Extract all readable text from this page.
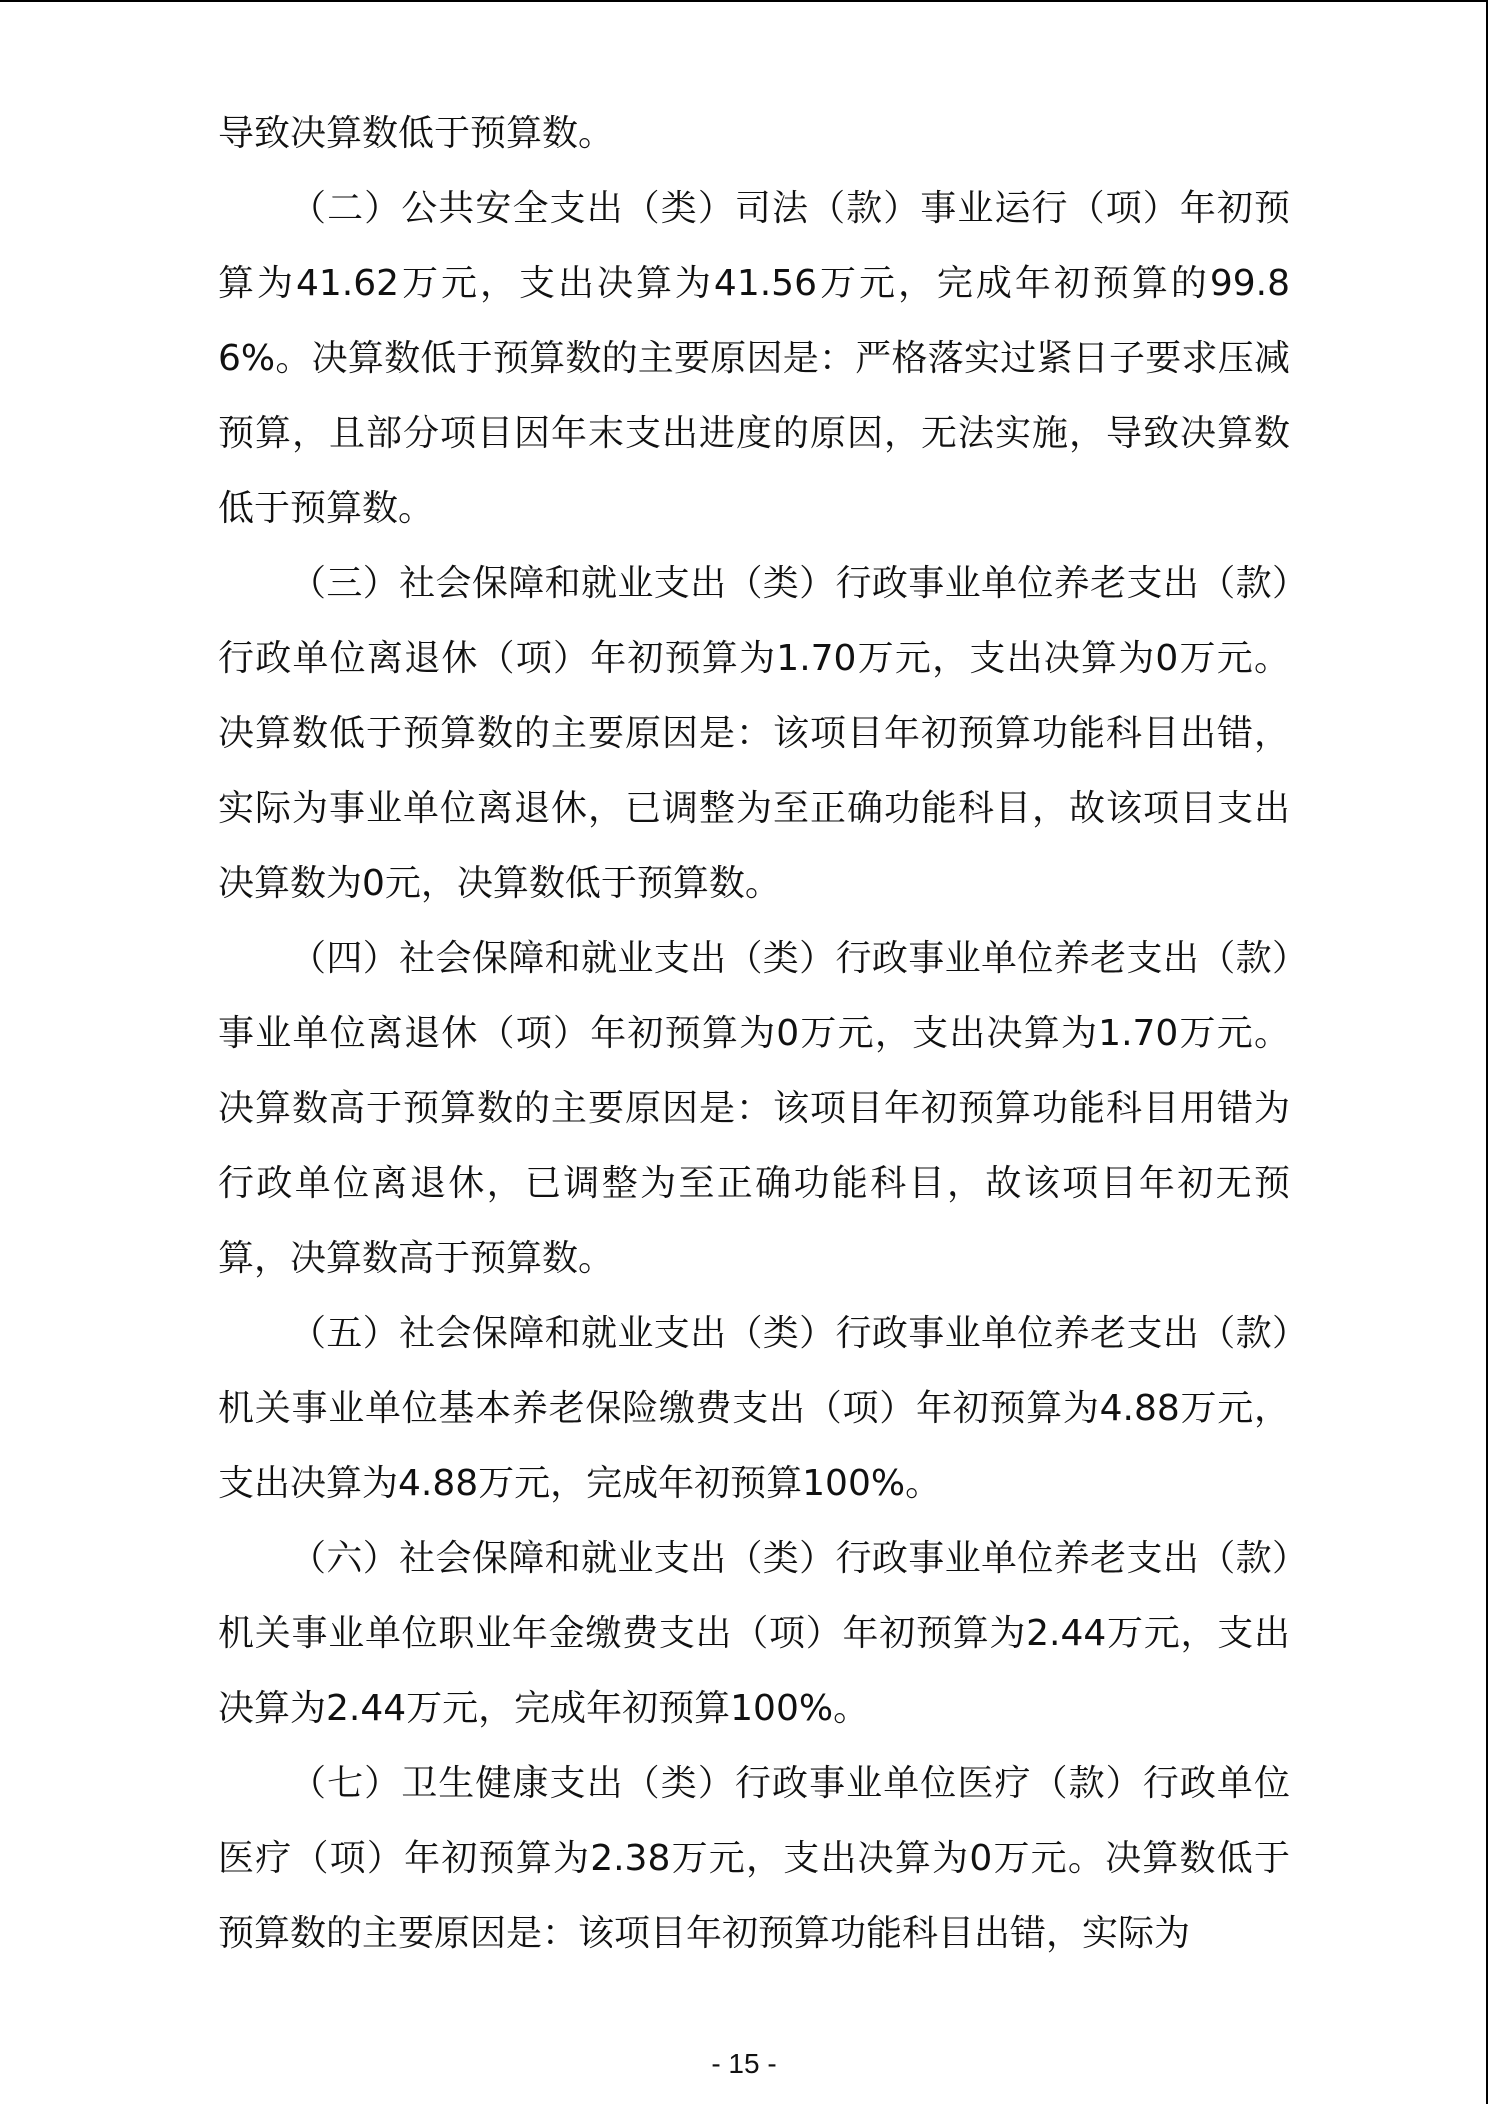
导致决算数低于预算数。

（二）公共安全支出（类）司法（款）事业运行（项）年初预算为41.62万元，支出决算为41.56万元，完成年初预算的99.86%。决算数低于预算数的主要原因是：严格落实过紧日子要求压减预算，且部分项目因年末支出进度的原因，无法实施，导致决算数低于预算数。

（三）社会保障和就业支出（类）行政事业单位养老支出（款）行政单位离退休（项）年初预算为1.70万元，支出决算为0万元。决算数低于预算数的主要原因是：该项目年初预算功能科目出错，实际为事业单位离退休，已调整为至正确功能科目，故该项目支出决算数为0元，决算数低于预算数。

（四）社会保障和就业支出（类）行政事业单位养老支出（款）事业单位离退休（项）年初预算为0万元，支出决算为1.70万元。决算数高于预算数的主要原因是：该项目年初预算功能科目用错为行政单位离退休，已调整为至正确功能科目，故该项目年初无预算，决算数高于预算数。

（五）社会保障和就业支出（类）行政事业单位养老支出（款）机关事业单位基本养老保险缴费支出（项）年初预算为4.88万元，支出决算为4.88万元，完成年初预算100%。

（六）社会保障和就业支出（类）行政事业单位养老支出（款）机关事业单位职业年金缴费支出（项）年初预算为2.44万元，支出决算为2.44万元，完成年初预算100%。

（七）卫生健康支出（类）行政事业单位医疗（款）行政单位医疗（项）年初预算为2.38万元，支出决算为0万元。决算数低于预算数的主要原因是：该项目年初预算功能科目出错，实际为

- 15 -
